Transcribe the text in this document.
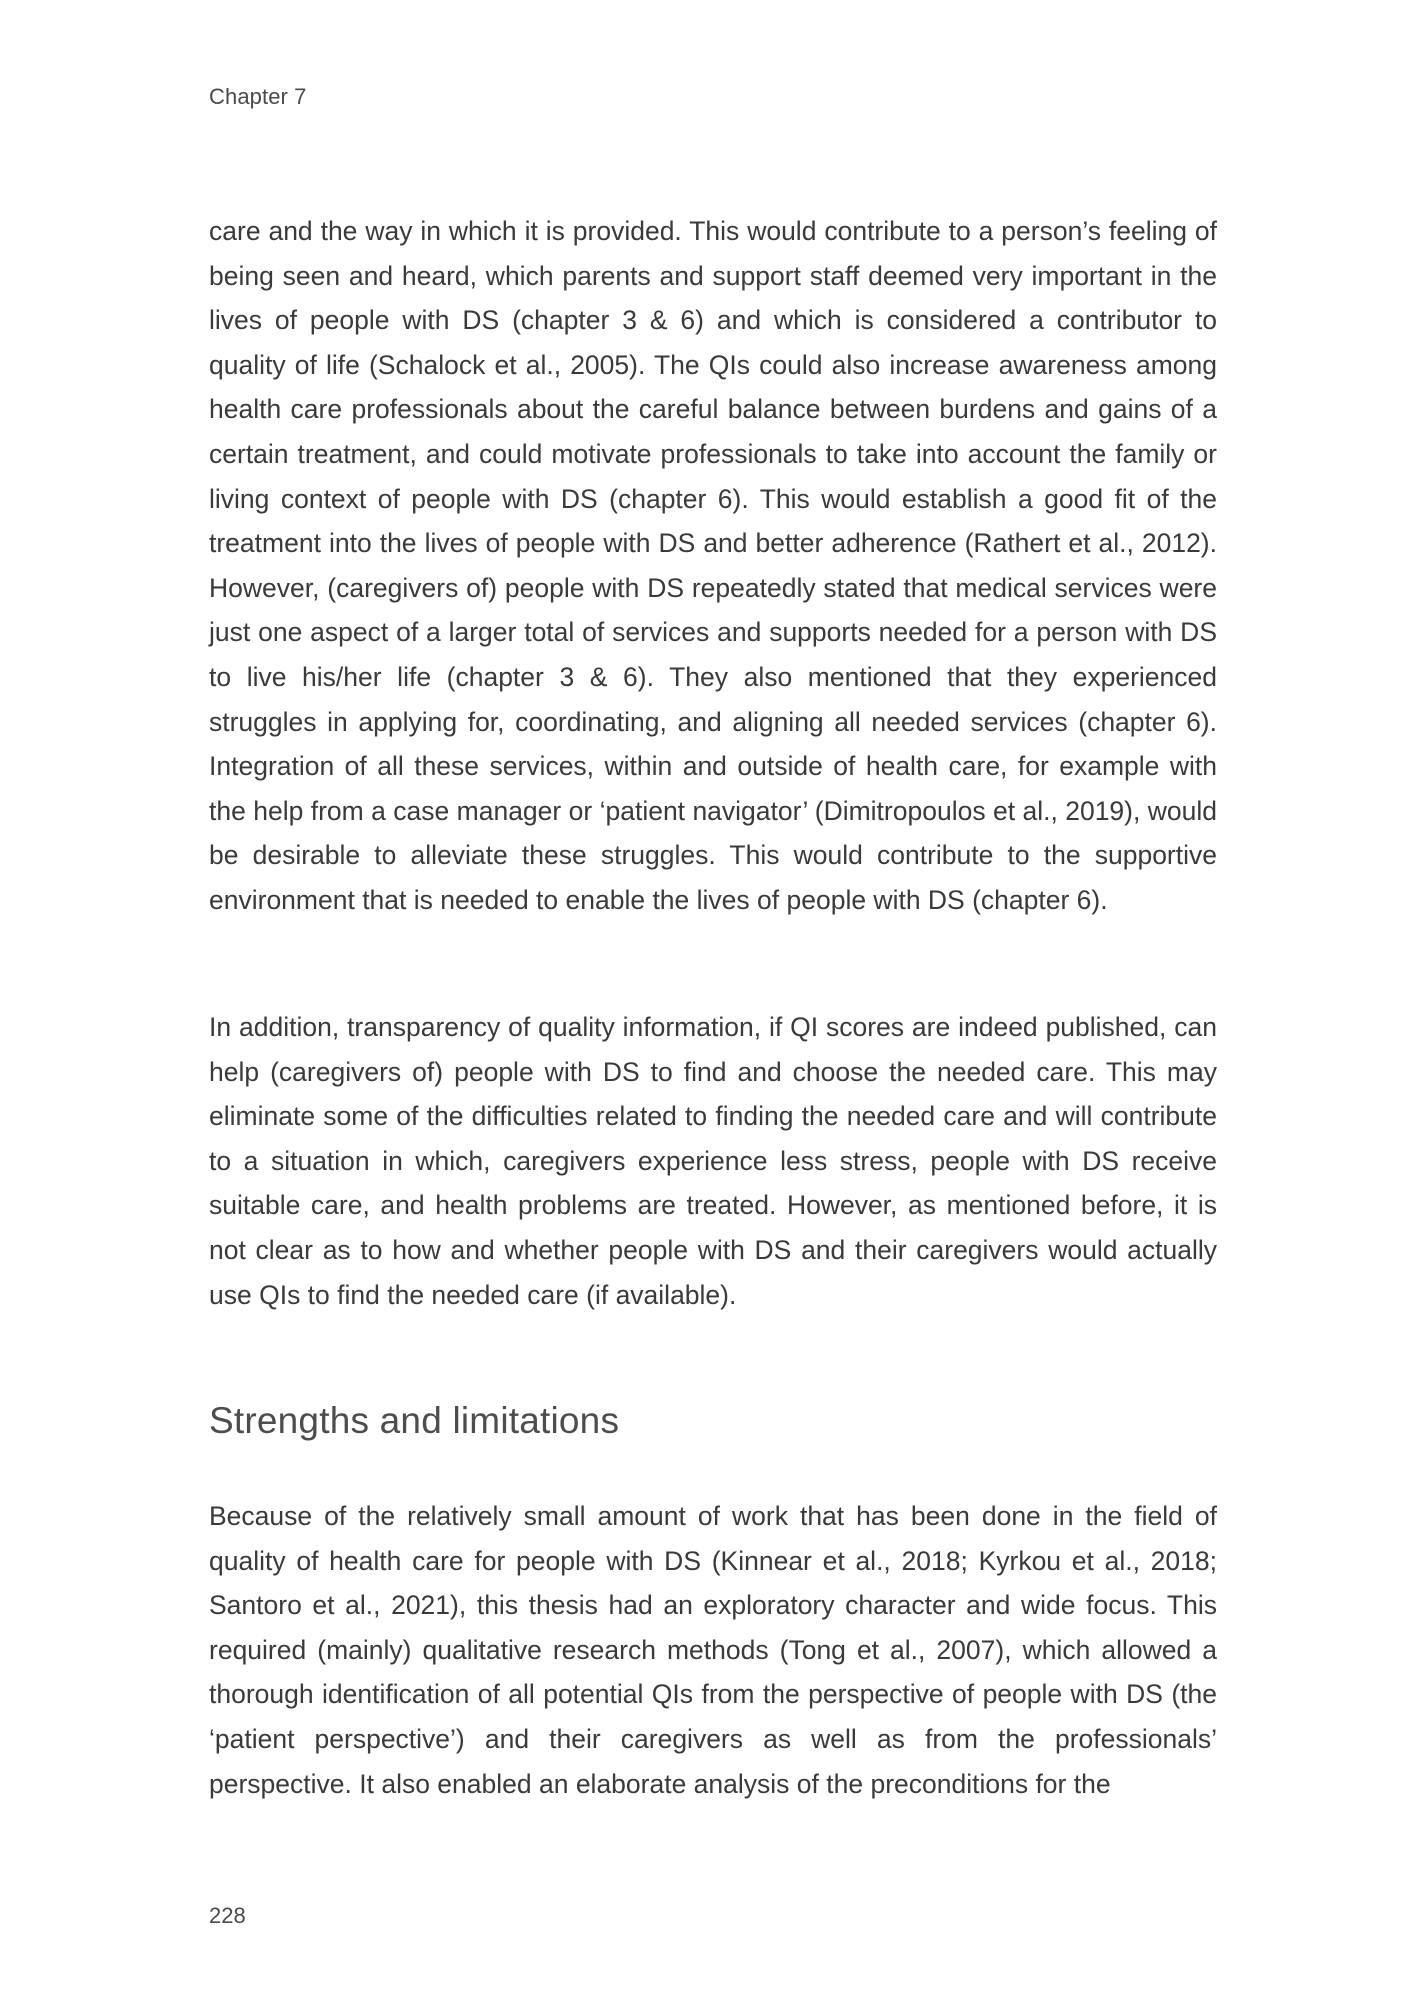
Chapter 7

care and the way in which it is provided. This would contribute to a person’s feeling of being seen and heard, which parents and support staff deemed very important in the lives of people with DS (chapter 3 & 6) and which is considered a contributor to quality of life (Schalock et al., 2005). The QIs could also increase awareness among health care professionals about the careful balance between burdens and gains of a certain treatment, and could motivate professionals to take into account the family or living context of people with DS (chapter 6). This would establish a good fit of the treatment into the lives of people with DS and better adherence (Rathert et al., 2012). However, (caregivers of) people with DS repeatedly stated that medical services were just one aspect of a larger total of services and supports needed for a person with DS to live his/her life (chapter 3 & 6). They also mentioned that they experienced struggles in applying for, coordinating, and aligning all needed services (chapter 6). Integration of all these services, within and outside of health care, for example with the help from a case manager or ‘patient navigator’ (Dimitropoulos et al., 2019), would be desirable to alleviate these struggles. This would contribute to the supportive environment that is needed to enable the lives of people with DS (chapter 6).

In addition, transparency of quality information, if QI scores are indeed published, can help (caregivers of) people with DS to find and choose the needed care. This may eliminate some of the difficulties related to finding the needed care and will contribute to a situation in which, caregivers experience less stress, people with DS receive suitable care, and health problems are treated. However, as mentioned before, it is not clear as to how and whether people with DS and their caregivers would actually use QIs to find the needed care (if available).

Strengths and limitations

Because of the relatively small amount of work that has been done in the field of quality of health care for people with DS (Kinnear et al., 2018; Kyrkou et al., 2018; Santoro et al., 2021), this thesis had an exploratory character and wide focus. This required (mainly) qualitative research methods (Tong et al., 2007), which allowed a thorough identification of all potential QIs from the perspective of people with DS (the ‘patient perspective’) and their caregivers as well as from the professionals’ perspective. It also enabled an elaborate analysis of the preconditions for the

228
